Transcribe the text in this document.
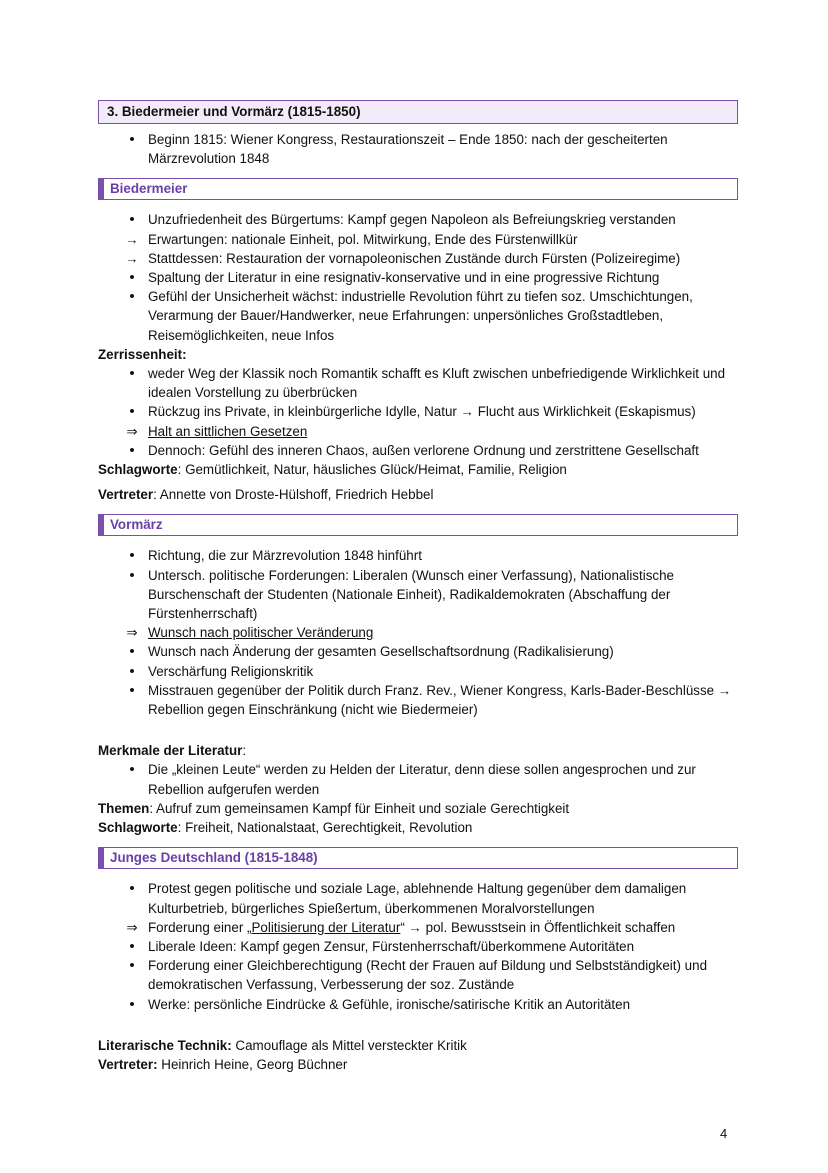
3. Biedermeier und Vormärz (1815-1850)
•
Beginn 1815: Wiener Kongress, Restaurationszeit – Ende 1850: nach der gescheiterten Märzrevolution 1848
Biedermeier
•
Unzufriedenheit des Bürgertums: Kampf gegen Napoleon als Befreiungskrieg verstanden
→
Erwartungen: nationale Einheit, pol. Mitwirkung, Ende des Fürstenwillkür
→
Stattdessen: Restauration der vornapoleonischen Zustände durch Fürsten (Polizeiregime)
•
Spaltung der Literatur in eine resignativ-konservative und in eine progressive Richtung
•
Gefühl der Unsicherheit wächst: industrielle Revolution führt zu tiefen soz. Umschichtungen, Verarmung der Bauer/Handwerker, neue Erfahrungen: unpersönliches Großstadtleben, Reisemöglichkeiten, neue Infos
Zerrissenheit:
•
weder Weg der Klassik noch Romantik schafft es Kluft zwischen unbefriedigende Wirklichkeit und idealen Vorstellung zu überbrücken
•
Rückzug ins Private, in kleinbürgerliche Idylle, Natur → Flucht aus Wirklichkeit (Eskapismus)
⇒
Halt an sittlichen Gesetzen
•
Dennoch: Gefühl des inneren Chaos, außen verlorene Ordnung und zerstrittene Gesellschaft
Schlagworte: Gemütlichkeit, Natur, häusliches Glück/Heimat, Familie, Religion
Vertreter: Annette von Droste-Hülshoff, Friedrich Hebbel
Vormärz
•
Richtung, die zur Märzrevolution 1848 hinführt
•
Untersch. politische Forderungen: Liberalen (Wunsch einer Verfassung), Nationalistische Burschenschaft der Studenten (Nationale Einheit), Radikaldemokraten (Abschaffung der Fürstenherrschaft)
⇒
Wunsch nach politischer Veränderung
•
Wunsch nach Änderung der gesamten Gesellschaftsordnung (Radikalisierung)
•
Verschärfung Religionskritik
•
Misstrauen gegenüber der Politik durch Franz. Rev., Wiener Kongress, Karls-Bader-Beschlüsse → Rebellion gegen Einschränkung (nicht wie Biedermeier)
Merkmale der Literatur:
•
Die „kleinen Leute“ werden zu Helden der Literatur, denn diese sollen angesprochen und zur Rebellion aufgerufen werden
Themen: Aufruf zum gemeinsamen Kampf für Einheit und soziale Gerechtigkeit
Schlagworte: Freiheit, Nationalstaat, Gerechtigkeit, Revolution
Junges Deutschland (1815-1848)
•
Protest gegen politische und soziale Lage, ablehnende Haltung gegenüber dem damaligen Kulturbetrieb, bürgerliches Spießertum, überkommenen Moralvorstellungen
⇒
Forderung einer „Politisierung der Literatur“ → pol. Bewusstsein in Öffentlichkeit schaffen
•
Liberale Ideen: Kampf gegen Zensur, Fürstenherrschaft/überkommene Autoritäten
•
Forderung einer Gleichberechtigung (Recht der Frauen auf Bildung und Selbstständigkeit) und demokratischen Verfassung, Verbesserung der soz. Zustände
•
Werke: persönliche Eindrücke & Gefühle, ironische/satirische Kritik an Autoritäten
Literarische Technik: Camouflage als Mittel versteckter Kritik
Vertreter: Heinrich Heine, Georg Büchner
4
